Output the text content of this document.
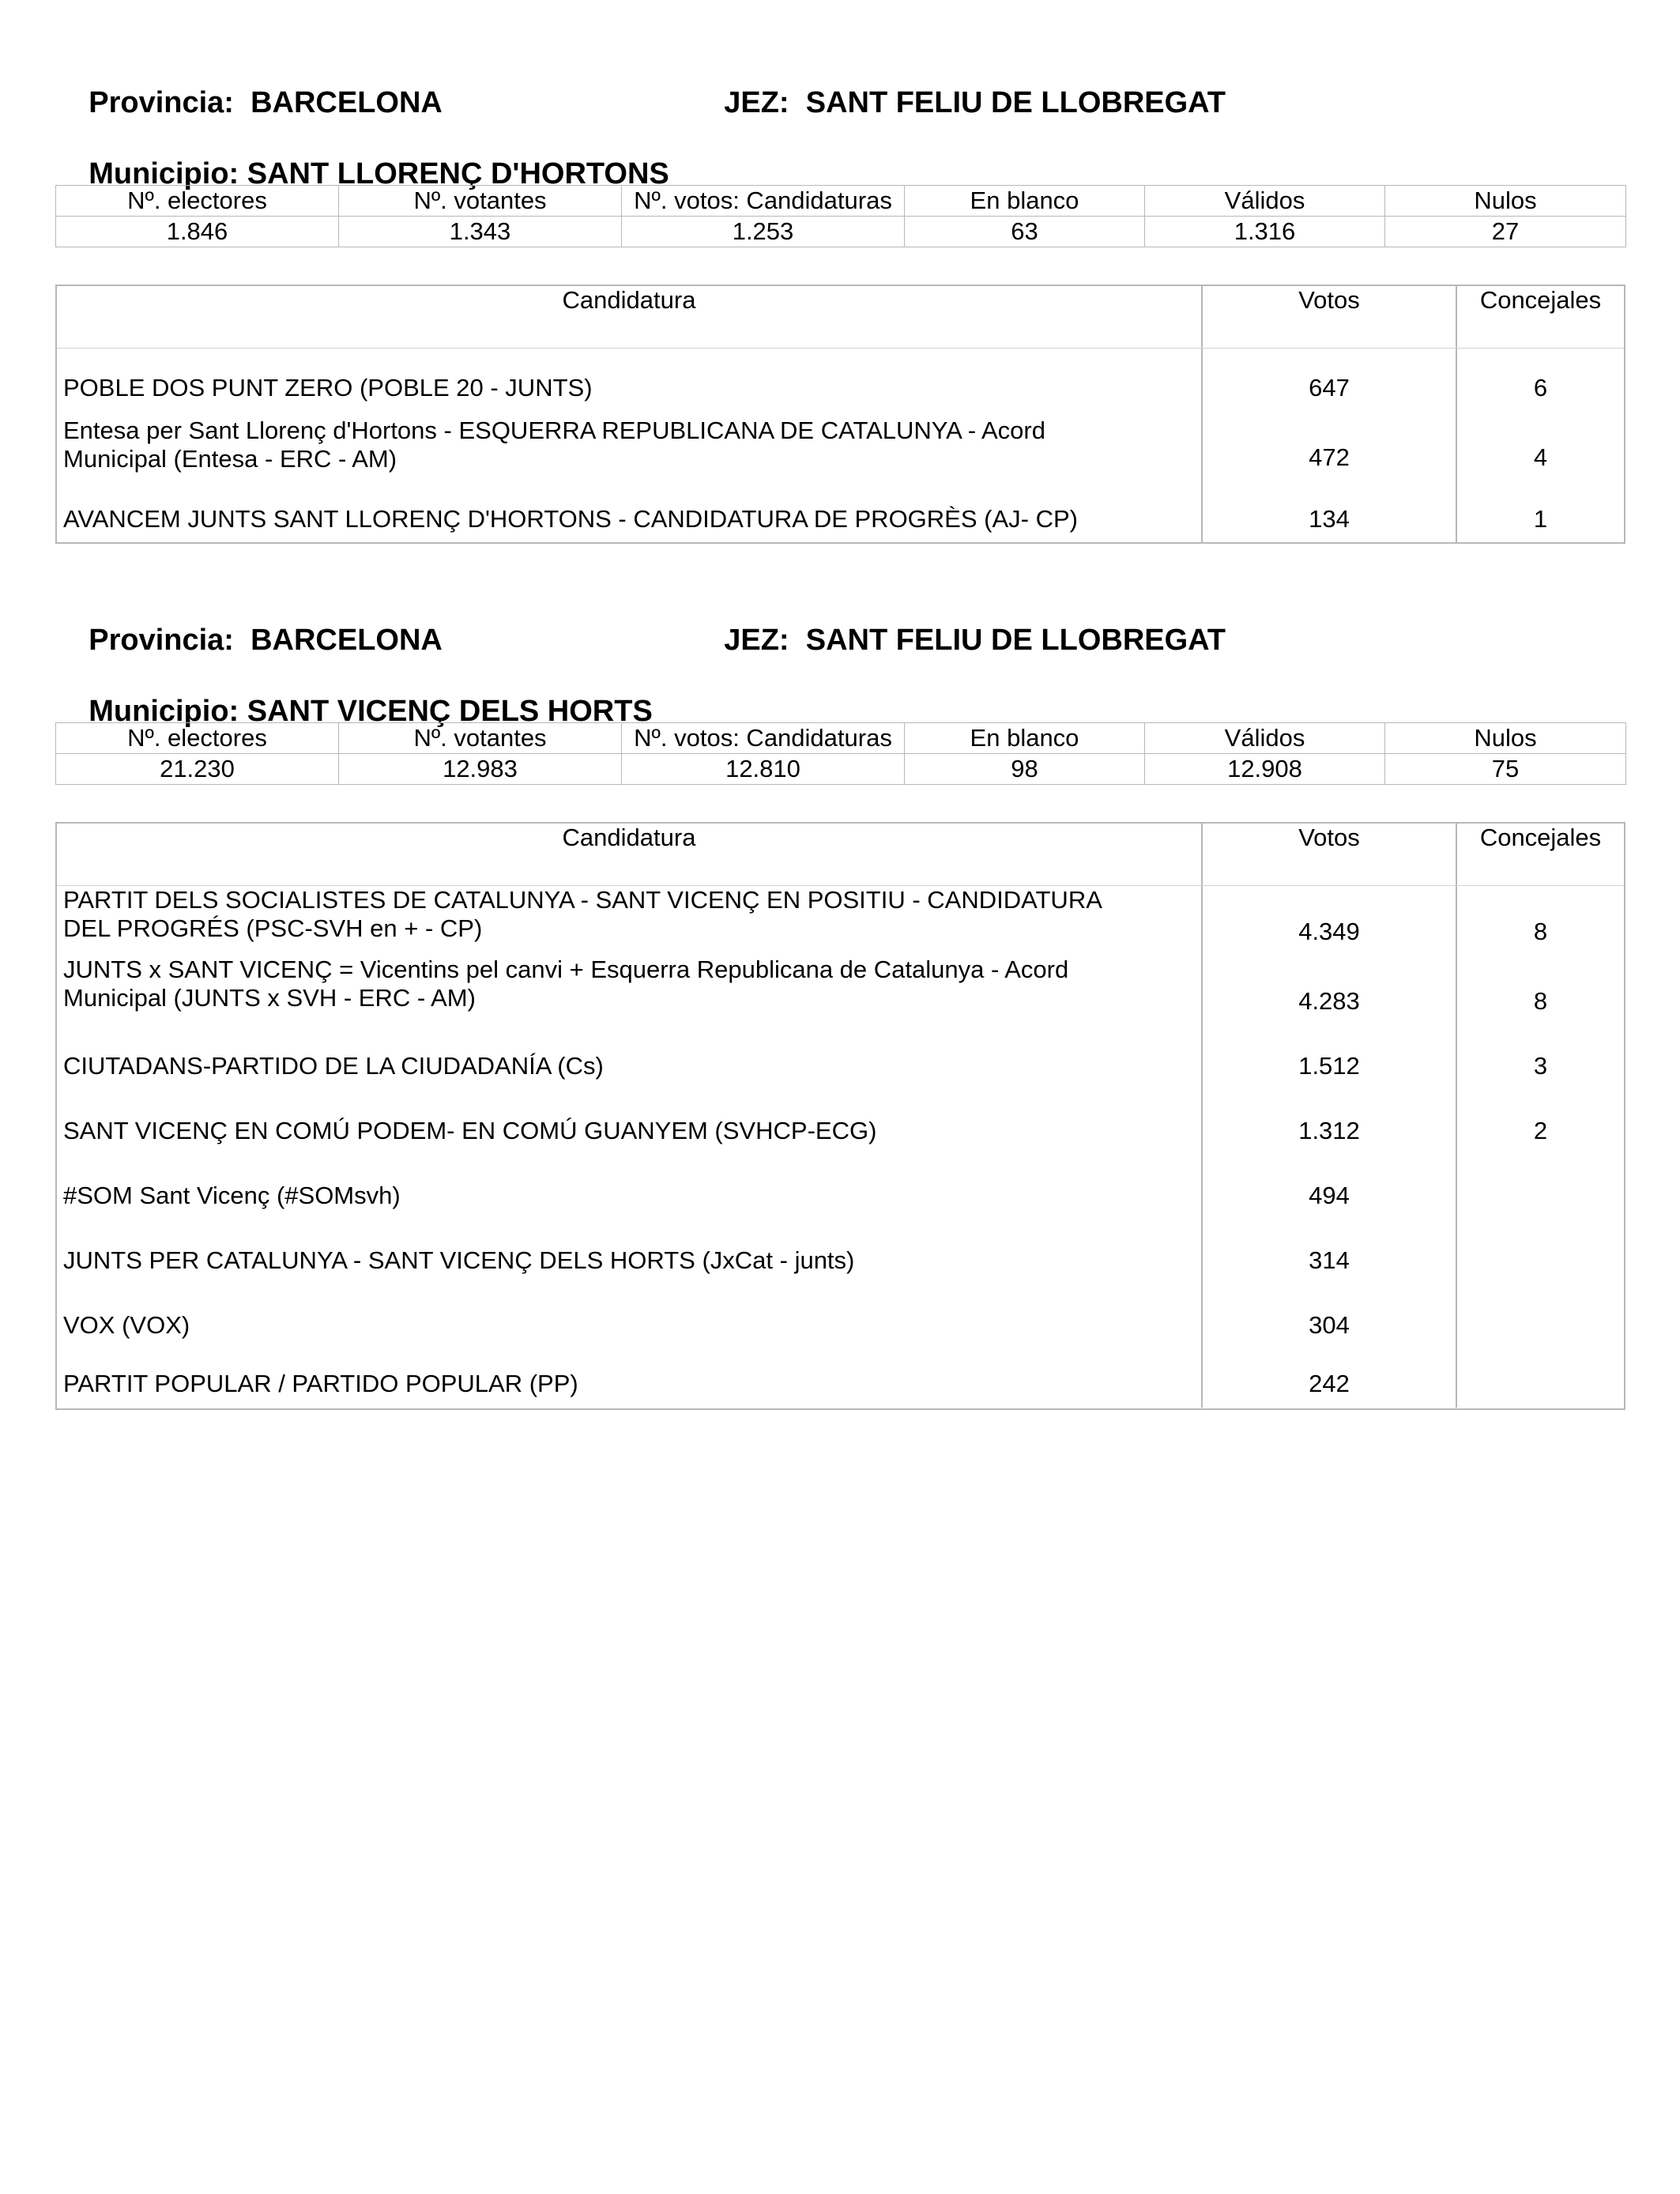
Provincia: BARCELONA
	JEZ: SANT FELIU DE LLOBREGAT

Municipio: SANT LLORENÇ D'HORTONS

Nº. electores	Nº. votantes	Nº. votos: Candidaturas	En blanco	Válidos	Nulos
1.846	1.343	1.253	63	1.316	27
Candidatura	Votos	Concejales
POBLE DOS PUNT ZERO (POBLE 20 - JUNTS)	647	6
Entesa per Sant Llorenç d'Hortons - ESQUERRA REPUBLICANA DE CATALUNYA - Acord Municipal (Entesa - ERC - AM)	472	4
AVANCEM JUNTS SANT LLORENÇ D'HORTONS - CANDIDATURA DE PROGRÈS (AJ- CP)	134	1

Provincia: BARCELONA
	JEZ: SANT FELIU DE LLOBREGAT

Municipio: SANT VICENÇ DELS HORTS

Nº. electores	Nº. votantes	Nº. votos: Candidaturas	En blanco	Válidos	Nulos
21.230	12.983	12.810	98	12.908	75
Candidatura	Votos	Concejales
PARTIT DELS SOCIALISTES DE CATALUNYA - SANT VICENÇ EN POSITIU - CANDIDATURA DEL PROGRÉS (PSC-SVH en + - CP)	4.349	8
JUNTS x SANT VICENÇ = Vicentins pel canvi + Esquerra Republicana de Catalunya - Acord Municipal (JUNTS x SVH - ERC - AM)	4.283	8
CIUTADANS-PARTIDO DE LA CIUDADANÍA (Cs)	1.512	3
SANT VICENÇ EN COMÚ PODEM- EN COMÚ GUANYEM (SVHCP-ECG)	1.312	2
#SOM Sant Vicenç (#SOMsvh)	494
JUNTS PER CATALUNYA - SANT VICENÇ DELS HORTS (JxCat - junts)	314
VOX (VOX)	304
PARTIT POPULAR / PARTIDO POPULAR (PP)	242
